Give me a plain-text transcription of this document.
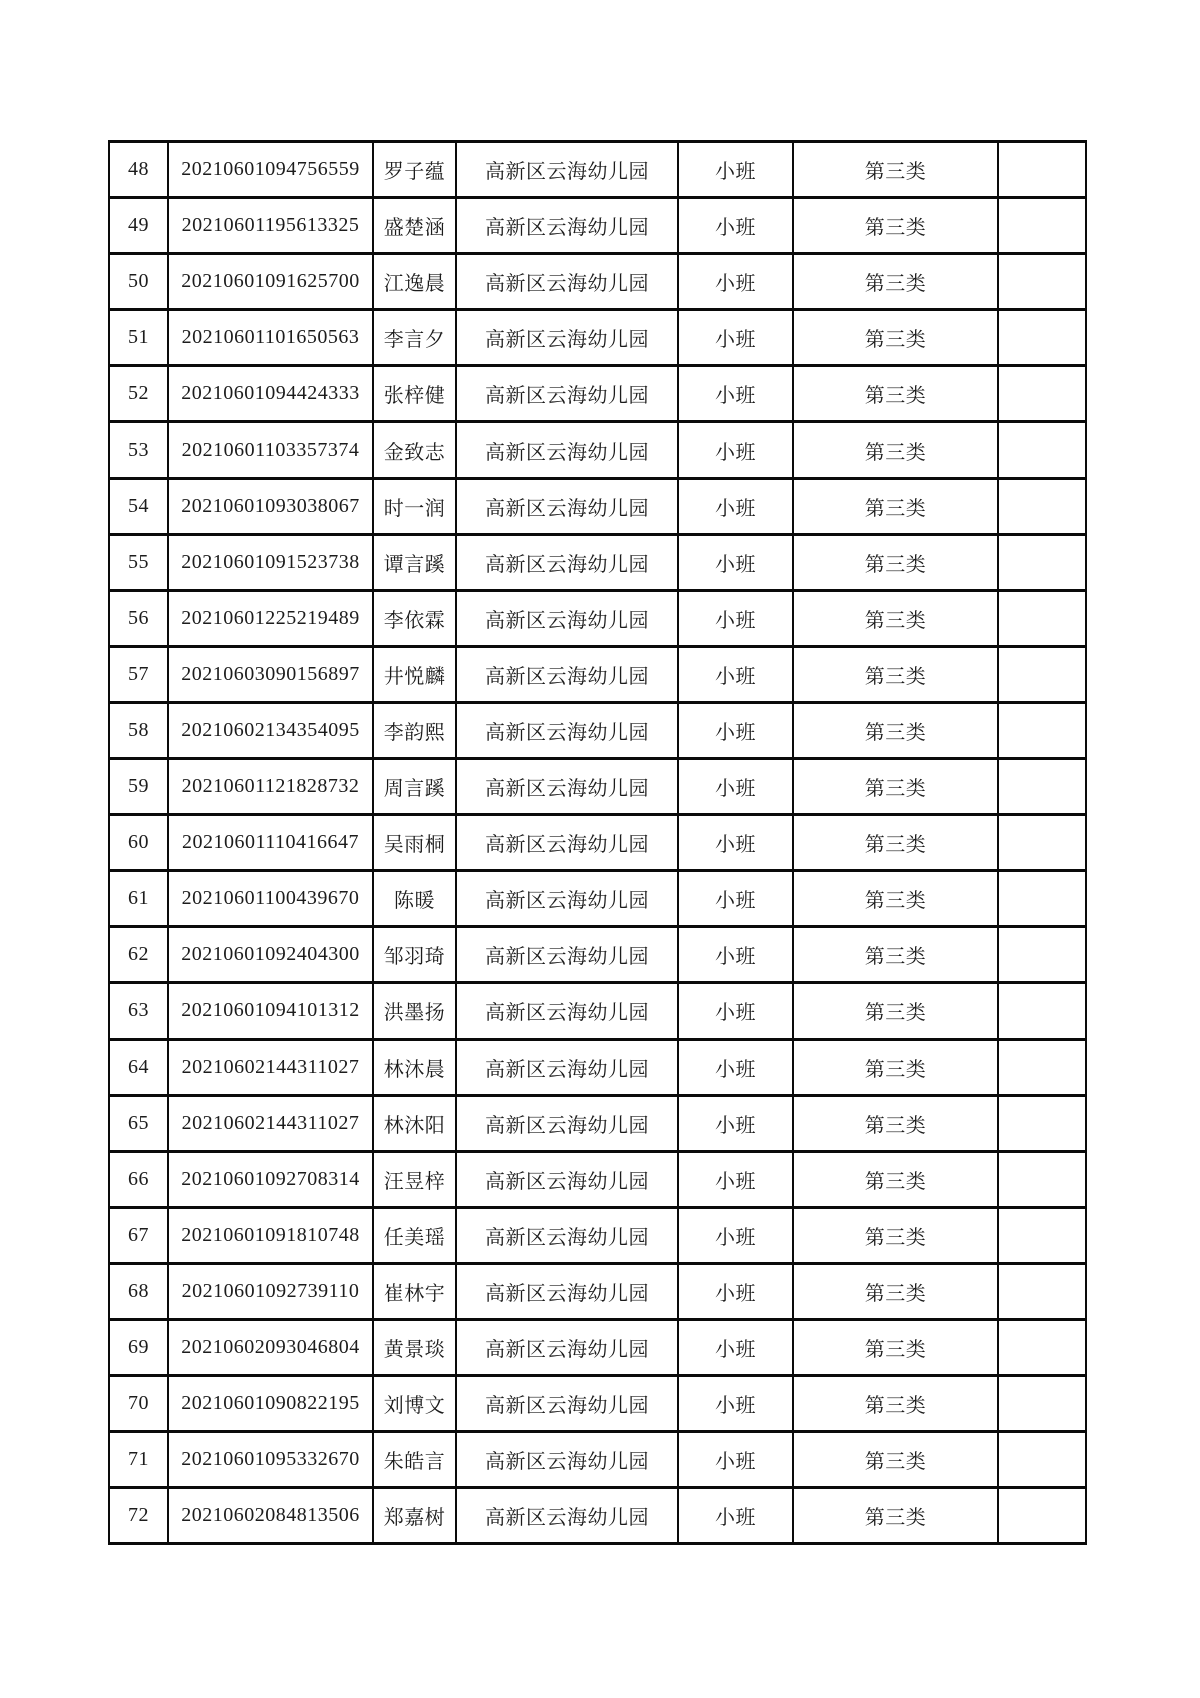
48	20210601094756559	罗子蕴	高新区云海幼儿园	小班	第三类	
49	20210601195613325	盛楚涵	高新区云海幼儿园	小班	第三类	
50	20210601091625700	江逸晨	高新区云海幼儿园	小班	第三类	
51	20210601101650563	李言夕	高新区云海幼儿园	小班	第三类	
52	20210601094424333	张梓健	高新区云海幼儿园	小班	第三类	
53	20210601103357374	金致志	高新区云海幼儿园	小班	第三类	
54	20210601093038067	时一润	高新区云海幼儿园	小班	第三类	
55	20210601091523738	谭言蹊	高新区云海幼儿园	小班	第三类	
56	20210601225219489	李依霖	高新区云海幼儿园	小班	第三类	
57	20210603090156897	井悦麟	高新区云海幼儿园	小班	第三类	
58	20210602134354095	李韵熙	高新区云海幼儿园	小班	第三类	
59	20210601121828732	周言蹊	高新区云海幼儿园	小班	第三类	
60	20210601110416647	吴雨桐	高新区云海幼儿园	小班	第三类	
61	20210601100439670	陈暖	高新区云海幼儿园	小班	第三类	
62	20210601092404300	邹羽琦	高新区云海幼儿园	小班	第三类	
63	20210601094101312	洪墨扬	高新区云海幼儿园	小班	第三类	
64	20210602144311027	林沐晨	高新区云海幼儿园	小班	第三类	
65	20210602144311027	林沐阳	高新区云海幼儿园	小班	第三类	
66	20210601092708314	汪昱梓	高新区云海幼儿园	小班	第三类	
67	20210601091810748	任美瑶	高新区云海幼儿园	小班	第三类	
68	20210601092739110	崔林宇	高新区云海幼儿园	小班	第三类	
69	20210602093046804	黄景琰	高新区云海幼儿园	小班	第三类	
70	20210601090822195	刘博文	高新区云海幼儿园	小班	第三类	
71	20210601095332670	朱皓言	高新区云海幼儿园	小班	第三类	
72	20210602084813506	郑嘉树	高新区云海幼儿园	小班	第三类	
